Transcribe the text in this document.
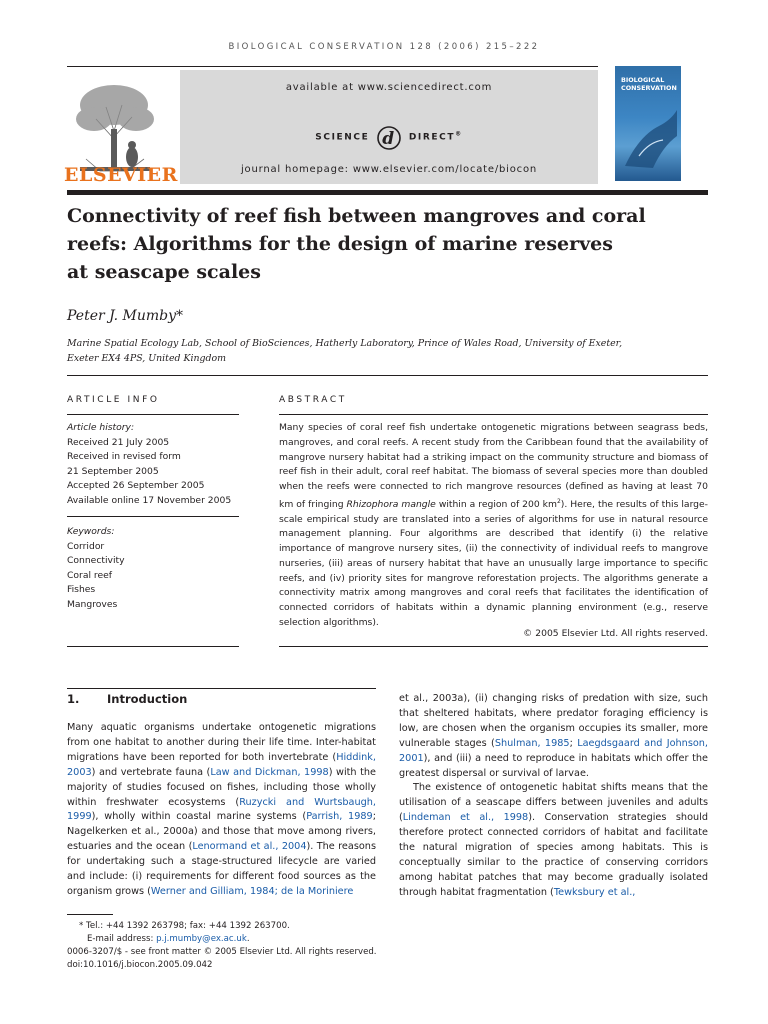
BIOLOGICAL CONSERVATION 128 (2006) 215–222
ELSEVIER
available at www.sciencedirect.com
SCIENCE d DIRECT®
journal homepage: www.elsevier.com/locate/biocon
BIOLOGICAL
CONSERVATION
Connectivity of reef fish between mangroves and coral
reefs: Algorithms for the design of marine reserves
at seascape scales
Peter J. Mumby*
Marine Spatial Ecology Lab, School of BioSciences, Hatherly Laboratory, Prince of Wales Road, University of Exeter,
Exeter EX4 4PS, United Kingdom
ARTICLE INFO
Article history:
Received 21 July 2005
Received in revised form
21 September 2005
Accepted 26 September 2005
Available online 17 November 2005
Keywords:
Corridor
Connectivity
Coral reef
Fishes
Mangroves
ABSTRACT
Many species of coral reef fish undertake ontogenetic migrations between seagrass beds, mangroves, and coral reefs. A recent study from the Caribbean found that the availability of mangrove nursery habitat had a striking impact on the community structure and biomass of reef fish in their adult, coral reef habitat. The biomass of several species more than doubled when the reefs were connected to rich mangrove resources (defined as having at least 70 km of fringing Rhizophora mangle within a region of 200 $km^2$). Here, the results of this large-scale empirical study are translated into a series of algorithms for use in natural resource management planning. Four algorithms are described that identify (i) the relative importance of mangrove nursery sites, (ii) the connectivity of individual reefs to mangrove nurseries, (iii) areas of nursery habitat that have an unusually large importance to specific reefs, and (iv) priority sites for mangrove reforestation projects. The algorithms generate a connectivity matrix among mangroves and coral reefs that facilitates the identification of connected corridors of habitats within a dynamic planning environment (e.g., reserve selection algorithms).
© 2005 Elsevier Ltd. All rights reserved.
1. Introduction

Many aquatic organisms undertake ontogenetic migrations from one habitat to another during their life time. Inter-habitat migrations have been reported for both invertebrate (Hiddink, 2003) and vertebrate fauna (Law and Dickman, 1998) with the majority of studies focused on fishes, including those wholly within freshwater ecosystems (Ruzycki and Wurtsbaugh, 1999), wholly within coastal marine systems (Parrish, 1989; Nagelkerken et al., 2000a) and those that move among rivers, estuaries and the ocean (Lenormand et al., 2004). The reasons for undertaking such a stage-structured lifecycle are varied and include: (i) requirements for different food sources as the organism grows (Werner and Gilliam, 1984; de la Moriniere

et al., 2003a), (ii) changing risks of predation with size, such that sheltered habitats, where predator foraging efficiency is low, are chosen when the organism occupies its smaller, more vulnerable stages (Shulman, 1985; Laegdsgaard and Johnson, 2001), and (iii) a need to reproduce in habitats which offer the greatest dispersal or survival of larvae.

The existence of ontogenetic habitat shifts means that the utilisation of a seascape differs between juveniles and adults (Lindeman et al., 1998). Conservation strategies should therefore protect connected corridors of habitat and facilitate the natural migration of species among habitats. This is conceptually similar to the practice of conserving corridors among habitat patches that may become gradually isolated through habitat fragmentation (Tewksbury et al.,

* Tel.: +44 1392 263798; fax: +44 1392 263700.
E-mail address: p.j.mumby@ex.ac.uk.
0006-3207/$ - see front matter © 2005 Elsevier Ltd. All rights reserved.
doi:10.1016/j.biocon.2005.09.042
